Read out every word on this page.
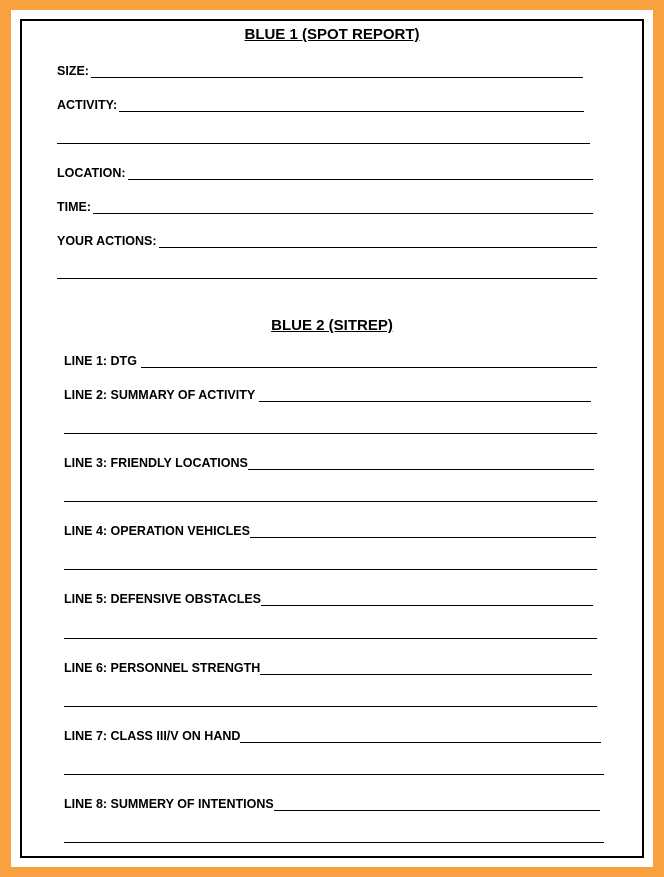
BLUE 1 (SPOT REPORT)
SIZE:
ACTIVITY:
LOCATION:
TIME:
YOUR ACTIONS:
BLUE 2 (SITREP)
LINE 1: DTG
LINE 2: SUMMARY OF ACTIVITY
LINE 3: FRIENDLY LOCATIONS
LINE 4: OPERATION VEHICLES
LINE 5: DEFENSIVE OBSTACLES
LINE 6: PERSONNEL STRENGTH
LINE 7: CLASS III/V ON HAND
LINE 8: SUMMERY OF INTENTIONS
